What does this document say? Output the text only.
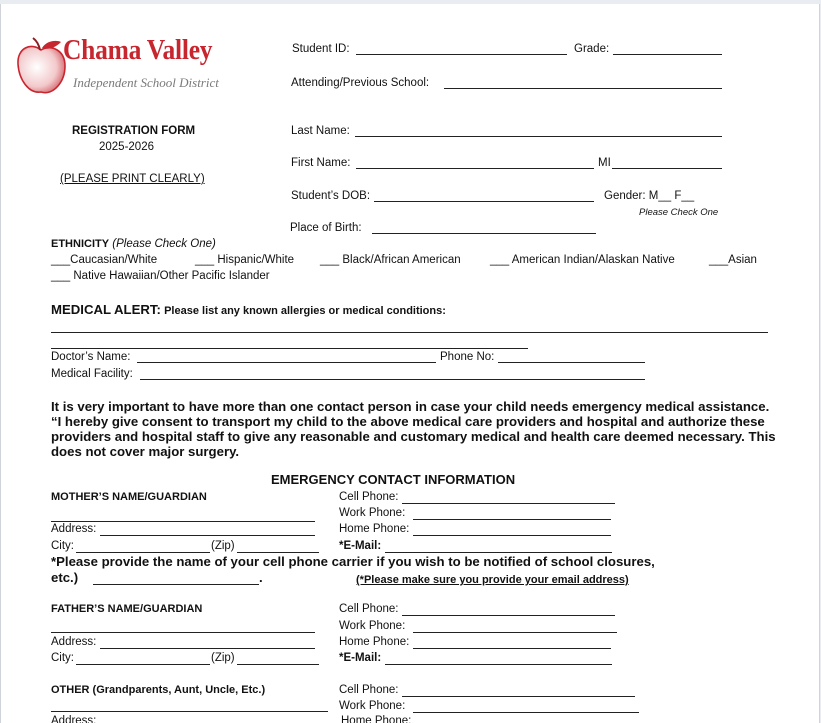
Chama Valley
Independent School District
REGISTRATION FORM
2025-2026
(PLEASE PRINT CLEARLY)
Student ID:	Grade:
Attending/Previous School:
Last Name:
First Name:	MI
Student’s DOB:	Gender: M__ F__
Please Check One
Place of Birth:
ETHNICITY (Please Check One)
___Caucasian/White	___ Hispanic/White ___ Black/African American	___ American Indian/Alaskan Native	___Asian
___ Native Hawaiian/Other Pacific Islander
MEDICAL ALERT: Please list any known allergies or medical conditions:
Doctor’s Name:	Phone No:
Medical Facility:
It is very important to have more than one contact person in case your child needs emergency medical assistance. “I hereby give consent to transport my child to the above medical care providers and hospital and authorize these providers and hospital staff to give any reasonable and customary medical and health care deemed necessary. This does not cover major surgery.
EMERGENCY CONTACT INFORMATION
MOTHER’S NAME/GUARDIAN
Address:
City:	(Zip)
Cell Phone:
Work Phone:
Home Phone:
*E-Mail:
*Please provide the name of your cell phone carrier if you wish to be notified of school closures,
etc.)	.	(*Please make sure you provide your email address)
FATHER’S NAME/GUARDIAN
Address:
City:	(Zip)
Cell Phone:
Work Phone:
Home Phone:
*E-Mail:
OTHER (Grandparents, Aunt, Uncle, Etc.)
Address:
Cell Phone:
Work Phone:
Home Phone:
